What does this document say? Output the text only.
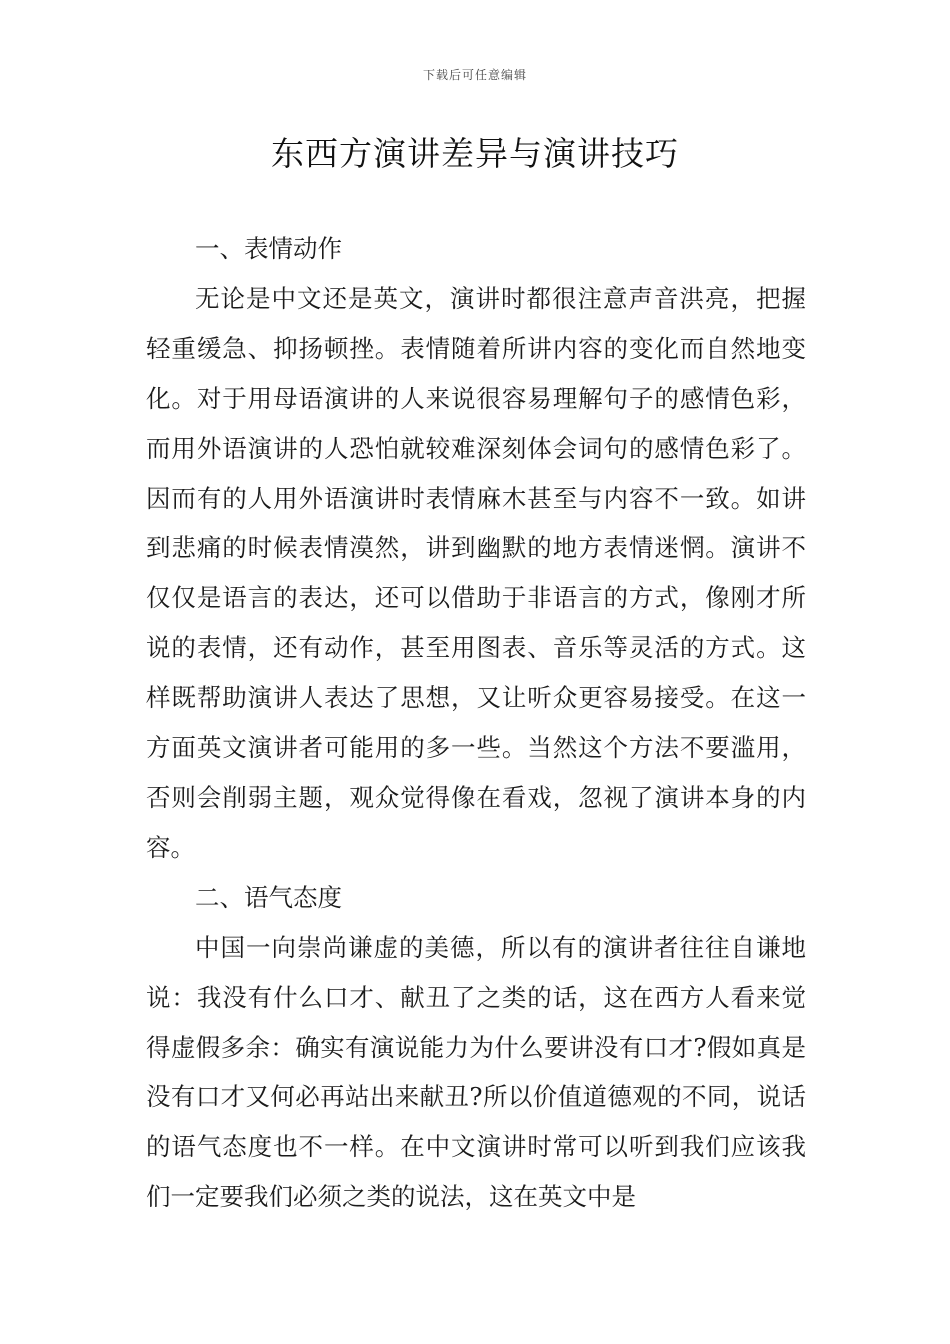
下载后可任意编辑
东西方演讲差异与演讲技巧

一、表情动作

无论是中文还是英文，演讲时都很注意声音洪亮，把握轻重缓急、抑扬顿挫。表情随着所讲内容的变化而自然地变化。对于用母语演讲的人来说很容易理解句子的感情色彩，而用外语演讲的人恐怕就较难深刻体会词句的感情色彩了。因而有的人用外语演讲时表情麻木甚至与内容不一致。如讲到悲痛的时候表情漠然，讲到幽默的地方表情迷惘。演讲不仅仅是语言的表达，还可以借助于非语言的方式，像刚才所说的表情，还有动作，甚至用图表、音乐等灵活的方式。这样既帮助演讲人表达了思想，又让听众更容易接受。在这一方面英文演讲者可能用的多一些。当然这个方法不要滥用，否则会削弱主题，观众觉得像在看戏，忽视了演讲本身的内容。

二、语气态度

中国一向崇尚谦虚的美德，所以有的演讲者往往自谦地说：我没有什么口才、献丑了之类的话，这在西方人看来觉得虚假多余：确实有演说能力为什么要讲没有口才?假如真是没有口才又何必再站出来献丑?所以价值道德观的不同，说话的语气态度也不一样。在中文演讲时常可以听到我们应该我们一定要我们必须之类的说法，这在英文中是
